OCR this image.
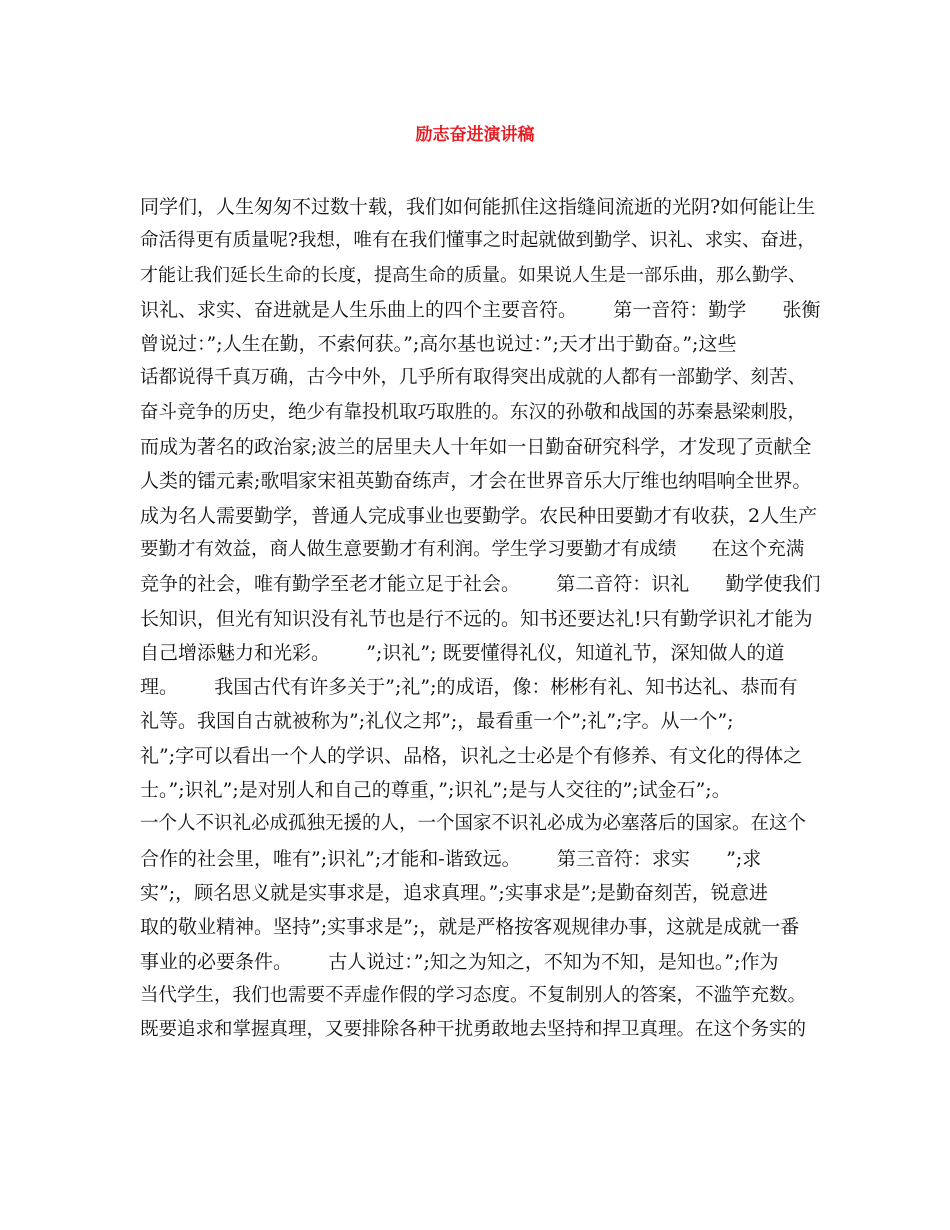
励志奋进演讲稿
同学们，人生匆匆不过数十载，我们如何能抓住这指缝间流逝的光阴?如何能让生
命活得更有质量呢?我想，唯有在我们懂事之时起就做到勤学、识礼、求实、奋进，
才能让我们延长生命的长度，提高生命的质量。如果说人生是一部乐曲，那么勤学、
识礼、求实、奋进就是人生乐曲上的四个主要音符。      第一音符：勤学      张衡
曾说过：”;人生在勤，不索何获。”;高尔基也说过：”;天才出于勤奋。”;这些
话都说得千真万确，古今中外，几乎所有取得突出成就的人都有一部勤学、刻苦、
奋斗竞争的历史，绝少有靠投机取巧取胜的。东汉的孙敬和战国的苏秦悬梁刺股，
而成为著名的政治家;波兰的居里夫人十年如一日勤奋研究科学，才发现了贡献全
人类的镭元素;歌唱家宋祖英勤奋练声，才会在世界音乐大厅维也纳唱响全世界。
成为名人需要勤学，普通人完成事业也要勤学。农民种田要勤才有收获，2人生产
要勤才有效益，商人做生意要勤才有利润。学生学习要勤才有成绩      在这个充满
竞争的社会，唯有勤学至老才能立足于社会。      第二音符：识礼      勤学使我们
长知识，但光有知识没有礼节也是行不远的。知书还要达礼!只有勤学识礼才能为
自己增添魅力和光彩。      ”;识礼”; 既要懂得礼仪，知道礼节，深知做人的道
理。      我国古代有许多关于”;礼”;的成语，像：彬彬有礼、知书达礼、恭而有
礼等。我国自古就被称为”;礼仪之邦”;，最看重一个”;礼”;字。从一个”;
礼”;字可以看出一个人的学识、品格，识礼之士必是个有修养、有文化的得体之
士。”;识礼”;是对别人和自己的尊重，”;识礼”;是与人交往的”;试金石”;。
一个人不识礼必成孤独无援的人，一个国家不识礼必成为必塞落后的国家。在这个
合作的社会里，唯有”;识礼”;才能和-谐致远。      第三音符：求实      ”;求
实”;，顾名思义就是实事求是，追求真理。”;实事求是”;是勤奋刻苦，锐意进
取的敬业精神。坚持”;实事求是”;，就是严格按客观规律办事，这就是成就一番
事业的必要条件。      古人说过：”;知之为知之，不知为不知，是知也。”;作为
当代学生，我们也需要不弄虚作假的学习态度。不复制别人的答案，不滥竽充数。
既要追求和掌握真理，又要排除各种干扰勇敢地去坚持和捍卫真理。在这个务实的
